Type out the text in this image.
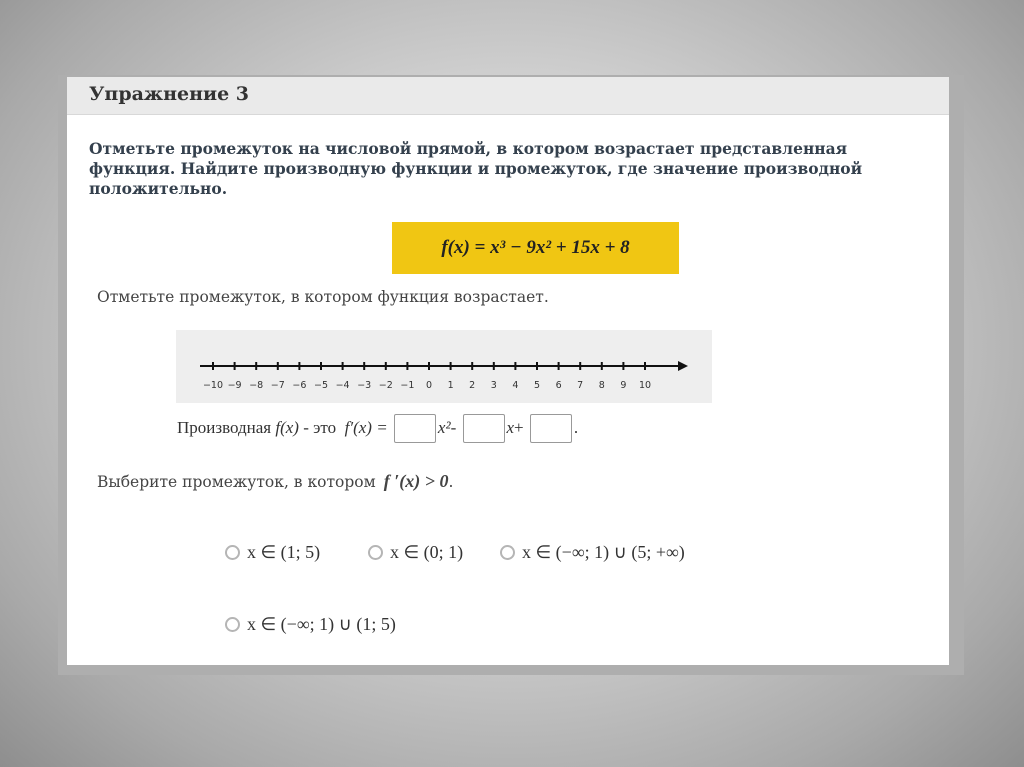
Упражнение 3
Отметьте промежуток на числовой прямой, в котором возрастает представленная функция. Найдите производную функции и промежуток, где значение производной положительно.
f(x) = x³ − 9x² + 15x + 8
Отметьте промежуток, в котором функция возрастает.
−10 −9 −8 −7 −6 −5 −4 −3 −2 −1 0 1 2 3 4 5 6 7 8 9 10
Производная
f(x)
- это
f′(x) =
	x² -
	x +
	.
Выберите промежуток, в котором f ′(x) > 0 .
x ∈ (1; 5)	x ∈ (0; 1)	x ∈ (−∞; 1) ∪ (5; +∞)
x ∈ (−∞; 1) ∪ (1; 5)
